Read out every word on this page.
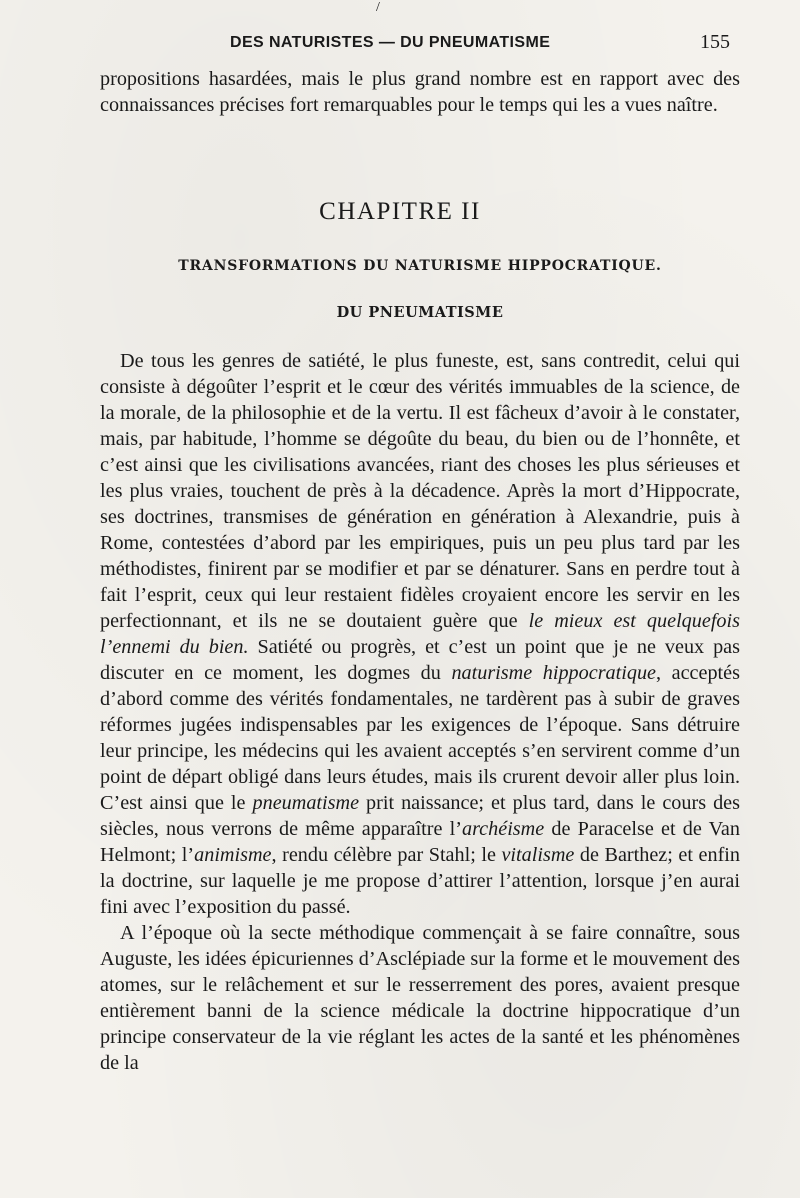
/
DES NATURISTES — DU PNEUMATISME	155

propositions hasardées, mais le plus grand nombre est en rapport avec des connaissances précises fort remarquables pour le temps qui les a vues naître.

CHAPITRE II
TRANSFORMATIONS DU NATURISME HIPPOCRATIQUE.
DU PNEUMATISME

De tous les genres de satiété, le plus funeste, est, sans contredit, celui qui consiste à dégoûter l’esprit et le cœur des vérités immuables de la science, de la morale, de la philosophie et de la vertu. Il est fâcheux d’avoir à le constater, mais, par habitude, l’homme se dégoûte du beau, du bien ou de l’honnête, et c’est ainsi que les civilisations avancées, riant des choses les plus sérieuses et les plus vraies, touchent de près à la décadence. Après la mort d’Hippocrate, ses doctrines, transmises de génération en génération à Alexandrie, puis à Rome, contestées d’abord par les empiriques, puis un peu plus tard par les méthodistes, finirent par se modifier et par se dénaturer. Sans en perdre tout à fait l’esprit, ceux qui leur restaient fidèles croyaient encore les servir en les perfectionnant, et ils ne se doutaient guère que le mieux est quelquefois l’ennemi du bien. Satiété ou progrès, et c’est un point que je ne veux pas discuter en ce moment, les dogmes du naturisme hippocratique, acceptés d’abord comme des vérités fondamentales, ne tardèrent pas à subir de graves réformes jugées indispensables par les exigences de l’époque. Sans détruire leur principe, les médecins qui les avaient acceptés s’en servirent comme d’un point de départ obligé dans leurs études, mais ils crurent devoir aller plus loin. C’est ainsi que le pneumatisme prit naissance; et plus tard, dans le cours des siècles, nous verrons de même apparaître l’archéisme de Paracelse et de Van Helmont; l’animisme, rendu célèbre par Stahl; le vitalisme de Barthez; et enfin la doctrine, sur laquelle je me propose d’attirer l’attention, lorsque j’en aurai fini avec l’exposition du passé.

A l’époque où la secte méthodique commençait à se faire connaître, sous Auguste, les idées épicuriennes d’Asclépiade sur la forme et le mouvement des atomes, sur le relâchement et sur le resserrement des pores, avaient presque entièrement banni de la science médicale la doctrine hippocratique d’un principe conservateur de la vie réglant les actes de la santé et les phénomènes de la
